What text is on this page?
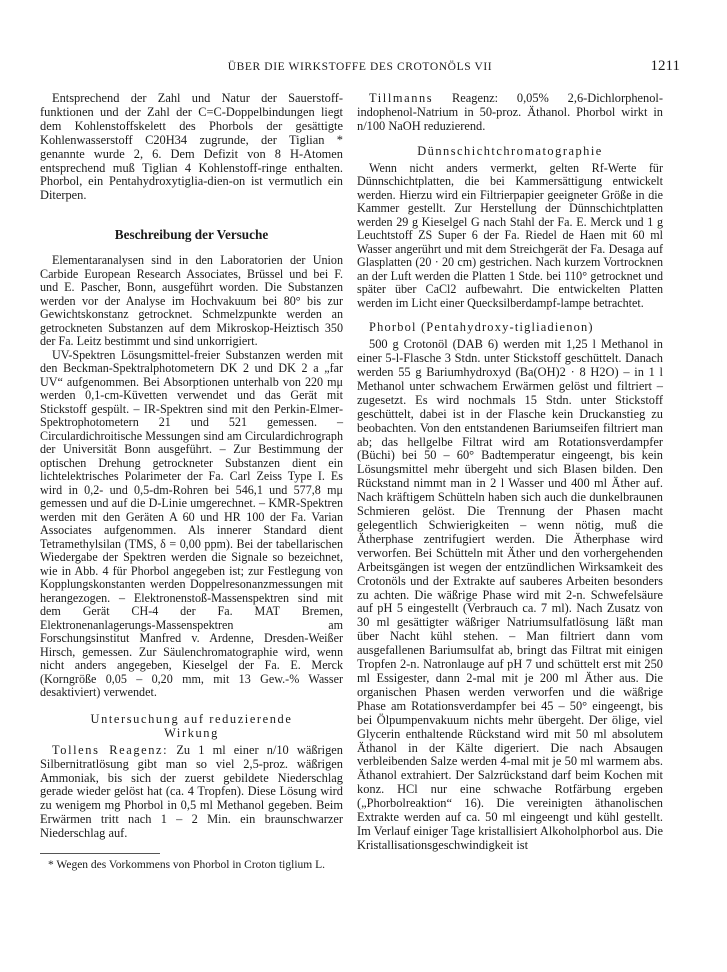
ÜBER DIE WIRKSTOFFE DES CROTONÖLS VII	1211

Entsprechend der Zahl und Natur der Sauerstoff-funktionen und der Zahl der C=C-Doppelbindungen liegt dem Kohlenstoffskelett des Phorbols der gesättigte Kohlenwasserstoff C20H34 zugrunde, der Tiglian * genannte wurde 2, 6. Dem Defizit von 8 H-Atomen entsprechend muß Tiglian 4 Kohlenstoff-ringe enthalten. Phorbol, ein Pentahydroxytiglia-dien-on ist vermutlich ein Diterpen.

Beschreibung der Versuche

Elementaranalysen sind in den Laboratorien der Union Carbide European Research Associates, Brüssel und bei F. und E. Pascher, Bonn, ausgeführt worden. Die Substanzen werden vor der Analyse im Hochvakuum bei 80° bis zur Gewichtskonstanz getrocknet. Schmelzpunkte werden an getrockneten Substanzen auf dem Mikroskop-Heiztisch 350 der Fa. Leitz bestimmt und sind unkorrigiert.

UV-Spektren Lösungsmittel-freier Substanzen werden mit den Beckman-Spektralphotometern DK 2 und DK 2 a „far UV“ aufgenommen. Bei Absorptionen unterhalb von 220 mμ werden 0,1-cm-Küvetten verwendet und das Gerät mit Stickstoff gespült. – IR-Spektren sind mit den Perkin-Elmer-Spektrophotometern 21 und 521 gemessen. – Circulardichroitische Messungen sind am Circulardichrograph der Universität Bonn ausgeführt. – Zur Bestimmung der optischen Drehung getrockneter Substanzen dient ein lichtelektrisches Polarimeter der Fa. Carl Zeiss Type I. Es wird in 0,2- und 0,5-dm-Rohren bei 546,1 und 577,8 mμ gemessen und auf die D-Linie umgerechnet. – KMR-Spektren werden mit den Geräten A 60 und HR 100 der Fa. Varian Associates aufgenommen. Als innerer Standard dient Tetramethylsilan (TMS, δ = 0,00 ppm). Bei der tabellarischen Wiedergabe der Spektren werden die Signale so bezeichnet, wie in Abb. 4 für Phorbol angegeben ist; zur Festlegung von Kopplungskonstanten werden Doppelresonanzmessungen mit herangezogen. – Elektronenstoß-Massenspektren sind mit dem Gerät CH-4 der Fa. MAT Bremen, Elektronenanlagerungs-Massenspektren am Forschungsinstitut Manfred v. Ardenne, Dresden-Weißer Hirsch, gemessen. Zur Säulenchromatographie wird, wenn nicht anders angegeben, Kieselgel der Fa. E. Merck (Korngröße 0,05 – 0,20 mm, mit 13 Gew.-% Wasser desaktiviert) verwendet.

Untersuchung auf reduzierende
Wirkung

Tollens Reagenz: Zu 1 ml einer n/10 wäßrigen Silbernitratlösung gibt man so viel 2,5-proz. wäßrigen Ammoniak, bis sich der zuerst gebildete Niederschlag gerade wieder gelöst hat (ca. 4 Tropfen). Diese Lösung wird zu wenigem mg Phorbol in 0,5 ml Methanol gegeben. Beim Erwärmen tritt nach 1 – 2 Min. ein braunschwarzer Niederschlag auf.

* Wegen des Vorkommens von Phorbol in Croton tiglium L.

Tillmanns Reagenz: 0,05% 2,6-Dichlorphenol-indophenol-Natrium in 50-proz. Äthanol. Phorbol wirkt in n/100 NaOH reduzierend.

Dünnschichtchromatographie

Wenn nicht anders vermerkt, gelten Rf-Werte für Dünnschichtplatten, die bei Kammersättigung entwickelt werden. Hierzu wird ein Filtrierpapier geeigneter Größe in die Kammer gestellt. Zur Herstellung der Dünnschichtplatten werden 29 g Kieselgel G nach Stahl der Fa. E. Merck und 1 g Leuchtstoff ZS Super 6 der Fa. Riedel de Haen mit 60 ml Wasser angerührt und mit dem Streichgerät der Fa. Desaga auf Glasplatten (20 · 20 cm) gestrichen. Nach kurzem Vortrocknen an der Luft werden die Platten 1 Stde. bei 110° getrocknet und später über CaCl2 aufbewahrt. Die entwickelten Platten werden im Licht einer Quecksilberdampf-lampe betrachtet.

Phorbol (Pentahydroxy-tigliadienon)

500 g Crotonöl (DAB 6) werden mit 1,25 l Methanol in einer 5-l-Flasche 3 Stdn. unter Stickstoff geschüttelt. Danach werden 55 g Bariumhydroxyd (Ba(OH)2 · 8 H2O) – in 1 l Methanol unter schwachem Erwärmen gelöst und filtriert – zugesetzt. Es wird nochmals 15 Stdn. unter Stickstoff geschüttelt, dabei ist in der Flasche kein Druckanstieg zu beobachten. Von den entstandenen Bariumseifen filtriert man ab; das hellgelbe Filtrat wird am Rotationsverdampfer (Büchi) bei 50 – 60° Badtemperatur eingeengt, bis kein Lösungsmittel mehr übergeht und sich Blasen bilden. Den Rückstand nimmt man in 2 l Wasser und 400 ml Äther auf. Nach kräftigem Schütteln haben sich auch die dunkelbraunen Schmieren gelöst. Die Trennung der Phasen macht gelegentlich Schwierigkeiten – wenn nötig, muß die Ätherphase zentrifugiert werden. Die Ätherphase wird verworfen. Bei Schütteln mit Äther und den vorhergehenden Arbeitsgängen ist wegen der entzündlichen Wirksamkeit des Crotonöls und der Extrakte auf sauberes Arbeiten besonders zu achten. Die wäßrige Phase wird mit 2-n. Schwefelsäure auf pH 5 eingestellt (Verbrauch ca. 7 ml). Nach Zusatz von 30 ml gesättigter wäßriger Natriumsulfatlösung läßt man über Nacht kühl stehen. – Man filtriert dann vom ausgefallenen Bariumsulfat ab, bringt das Filtrat mit einigen Tropfen 2-n. Natronlauge auf pH 7 und schüttelt erst mit 250 ml Essigester, dann 2-mal mit je 200 ml Äther aus. Die organischen Phasen werden verworfen und die wäßrige Phase am Rotationsverdampfer bei 45 – 50° eingeengt, bis bei Ölpumpenvakuum nichts mehr übergeht. Der ölige, viel Glycerin enthaltende Rückstand wird mit 50 ml absolutem Äthanol in der Kälte digeriert. Die nach Absaugen verbleibenden Salze werden 4-mal mit je 50 ml warmem abs. Äthanol extrahiert. Der Salzrückstand darf beim Kochen mit konz. HCl nur eine schwache Rotfärbung ergeben („Phorbolreaktion“ 16). Die vereinigten äthanolischen Extrakte werden auf ca. 50 ml eingeengt und kühl gestellt. Im Verlauf einiger Tage kristallisiert Alkoholphorbol aus. Die Kristallisationsgeschwindigkeit ist
